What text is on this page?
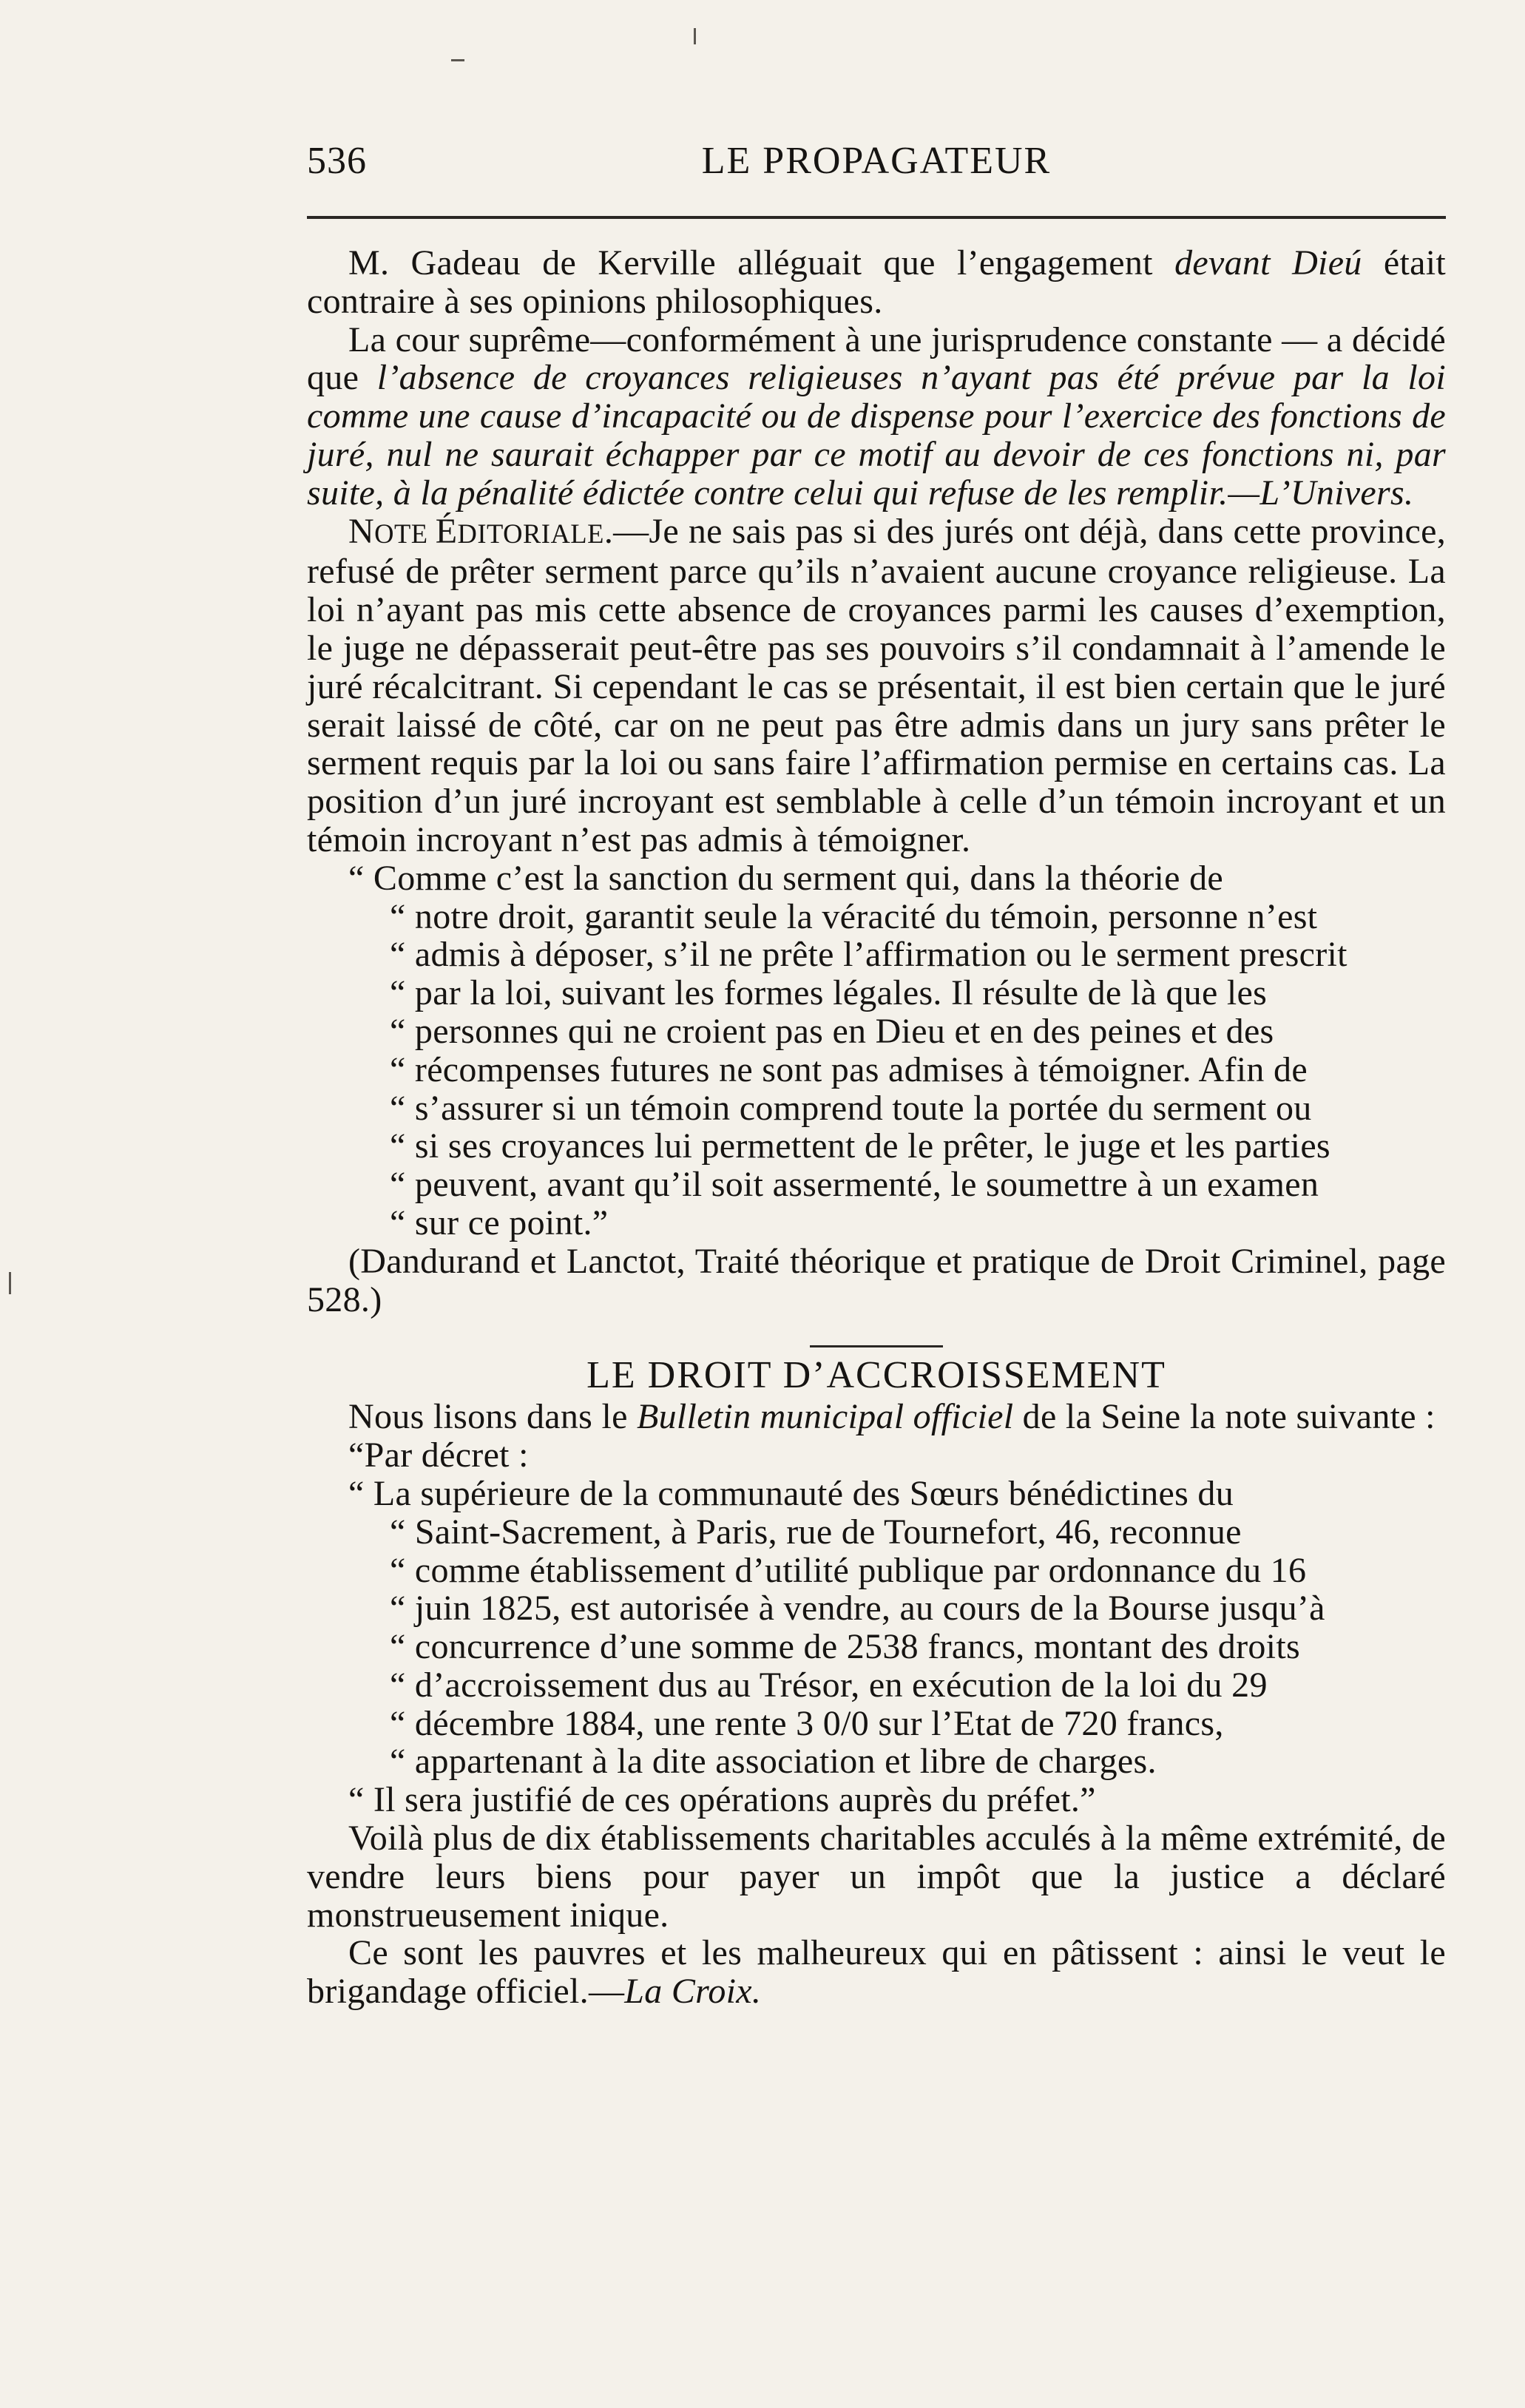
536	LE PROPAGATEUR

M. Gadeau de Kerville alléguait que l’engagement devant Dieú était contraire à ses opinions philosophiques.

La cour suprême—conformément à une jurisprudence constante — a décidé que l’absence de croyances religieuses n’ayant pas été prévue par la loi comme une cause d’incapacité ou de dispense pour l’exercice des fonctions de juré, nul ne saurait échapper par ce motif au devoir de ces fonctions ni, par suite, à la pénalité édictée contre celui qui refuse de les remplir.—L’Univers.

NOTE ÉDITORIALE.—Je ne sais pas si des jurés ont déjà, dans cette province, refusé de prêter serment parce qu’ils n’avaient aucune croyance religieuse. La loi n’ayant pas mis cette absence de croyances parmi les causes d’exemption, le juge ne dépasserait peut-être pas ses pouvoirs s’il condamnait à l’amende le juré récalcitrant. Si cependant le cas se présentait, il est bien certain que le juré serait laissé de côté, car on ne peut pas être admis dans un jury sans prêter le serment requis par la loi ou sans faire l’affirmation permise en certains cas. La position d’un juré incroyant est semblable à celle d’un témoin incroyant et un témoin incroyant n’est pas admis à témoigner.

“ Comme c’est la sanction du serment qui, dans la théorie de

“ notre droit, garantit seule la véracité du témoin, personne n’est

“ admis à déposer, s’il ne prête l’affirmation ou le serment prescrit

“ par la loi, suivant les formes légales. Il résulte de là que les

“ personnes qui ne croient pas en Dieu et en des peines et des

“ récompenses futures ne sont pas admises à témoigner. Afin de

“ s’assurer si un témoin comprend toute la portée du serment ou

“ si ses croyances lui permettent de le prêter, le juge et les parties

“ peuvent, avant qu’il soit assermenté, le soumettre à un examen

“ sur ce point.”

(Dandurand et Lanctot, Traité théorique et pratique de Droit Criminel, page 528.)

LE DROIT D’ACCROISSEMENT

Nous lisons dans le Bulletin municipal officiel de la Seine la note suivante :

“Par décret :

“ La supérieure de la communauté des Sœurs bénédictines du

“ Saint-Sacrement, à Paris, rue de Tournefort, 46, reconnue

“ comme établissement d’utilité publique par ordonnance du 16

“ juin 1825, est autorisée à vendre, au cours de la Bourse jusqu’à

“ concurrence d’une somme de 2538 francs, montant des droits

“ d’accroissement dus au Trésor, en exécution de la loi du 29

“ décembre 1884, une rente 3 0/0 sur l’Etat de 720 francs,

“ appartenant à la dite association et libre de charges.

“ Il sera justifié de ces opérations auprès du préfet.”

Voilà plus de dix établissements charitables acculés à la même extrémité, de vendre leurs biens pour payer un impôt que la justice a déclaré monstrueusement inique.

Ce sont les pauvres et les malheureux qui en pâtissent : ainsi le veut le brigandage officiel.—La Croix.
